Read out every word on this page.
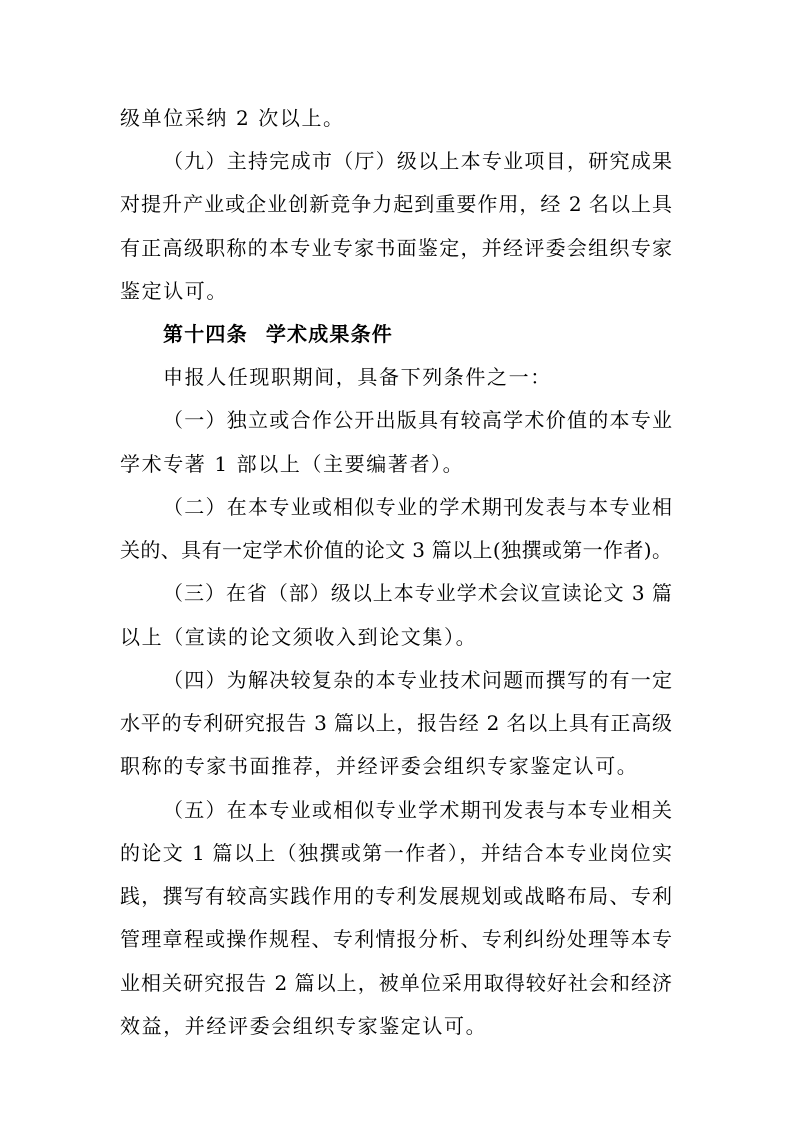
级单位采纳 2 次以上。
（九）主持完成市（厅）级以上本专业项目，研究成果
对提升产业或企业创新竞争力起到重要作用，经 2 名以上具
有正高级职称的本专业专家书面鉴定，并经评委会组织专家
鉴定认可。
第十四条 学术成果条件
申报人任现职期间，具备下列条件之一：
（一）独立或合作公开出版具有较高学术价值的本专业
学术专著 1 部以上（主要编著者）。
（二）在本专业或相似专业的学术期刊发表与本专业相
关的、具有一定学术价值的论文 3 篇以上(独撰或第一作者)。
（三）在省（部）级以上本专业学术会议宣读论文 3 篇
以上（宣读的论文须收入到论文集）。
（四）为解决较复杂的本专业技术问题而撰写的有一定
水平的专利研究报告 3 篇以上，报告经 2 名以上具有正高级
职称的专家书面推荐，并经评委会组织专家鉴定认可。
（五）在本专业或相似专业学术期刊发表与本专业相关
的论文 1 篇以上（独撰或第一作者），并结合本专业岗位实
践，撰写有较高实践作用的专利发展规划或战略布局、专利
管理章程或操作规程、专利情报分析、专利纠纷处理等本专
业相关研究报告 2 篇以上，被单位采用取得较好社会和经济
效益，并经评委会组织专家鉴定认可。
